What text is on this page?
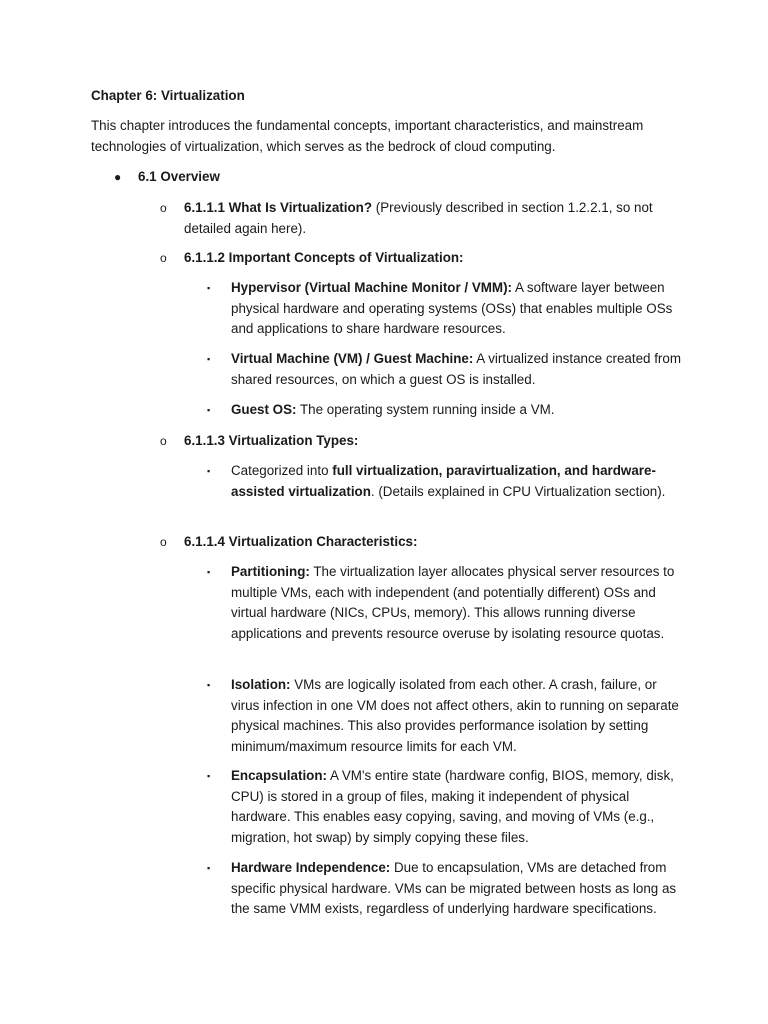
Chapter 6: Virtualization

This chapter introduces the fundamental concepts, important characteristics, and mainstream technologies of virtualization, which serves as the bedrock of cloud computing.

● 6.1 Overview
o 6.1.1.1 What Is Virtualization? (Previously described in section 1.2.2.1, so not detailed again here).
o 6.1.1.2 Important Concepts of Virtualization:
▪ Hypervisor (Virtual Machine Monitor / VMM): A software layer between physical hardware and operating systems (OSs) that enables multiple OSs and applications to share hardware resources.
▪ Virtual Machine (VM) / Guest Machine: A virtualized instance created from shared resources, on which a guest OS is installed.
▪ Guest OS: The operating system running inside a VM.
o 6.1.1.3 Virtualization Types:
▪ Categorized into full virtualization, paravirtualization, and hardware-assisted virtualization. (Details explained in CPU Virtualization section).
o 6.1.1.4 Virtualization Characteristics:
▪ Partitioning: The virtualization layer allocates physical server resources to multiple VMs, each with independent (and potentially different) OSs and virtual hardware (NICs, CPUs, memory). This allows running diverse applications and prevents resource overuse by isolating resource quotas.
▪ Isolation: VMs are logically isolated from each other. A crash, failure, or virus infection in one VM does not affect others, akin to running on separate physical machines. This also provides performance isolation by setting minimum/maximum resource limits for each VM.
▪ Encapsulation: A VM's entire state (hardware config, BIOS, memory, disk, CPU) is stored in a group of files, making it independent of physical hardware. This enables easy copying, saving, and moving of VMs (e.g., migration, hot swap) by simply copying these files.
▪ Hardware Independence: Due to encapsulation, VMs are detached from specific physical hardware. VMs can be migrated between hosts as long as the same VMM exists, regardless of underlying hardware specifications.
